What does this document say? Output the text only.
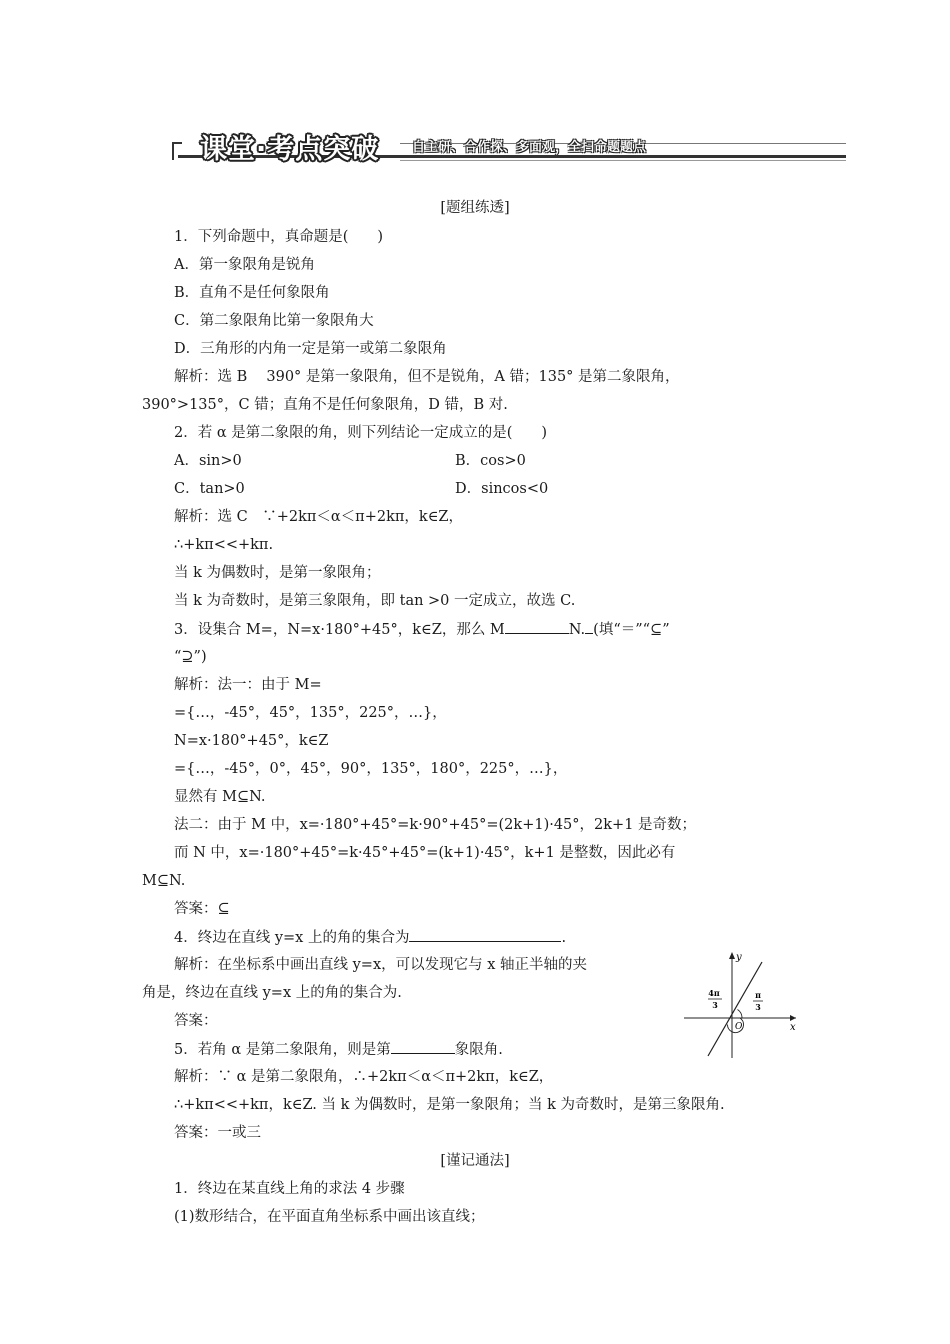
课堂·考点突破	自主研、合作探、多面观，全扫命题题点
[题组练透]
1．下列命题中，真命题是(　　)
A．第一象限角是锐角
B．直角不是任何象限角
C．第二象限角比第一象限角大
D．三角形的内角一定是第一或第二象限角
解析：选 B　 390° 是第一象限角，但不是锐角，A 错；135° 是第二象限角，
390°>135°，C 错；直角不是任何象限角，D 错，B 对.
2．若 α 是第二象限的角，则下列结论一定成立的是(　　)
A．sin>0	B．cos>0
C．tan>0	D．sincos<0
解析：选 C　∵+2kπ＜α＜π+2kπ，k∈Z，
∴+kπ<<+kπ.
当 k 为偶数时，是第一象限角；
当 k 为奇数时，是第三象限角，即 tan >0 一定成立，故选 C.
3．设集合 M=，N=x·180°+45°，k∈Z，那么 M	N. (填“＝”“⊆”
“⊇”)
解析：法一：由于 M=
={…，-45°，45°，135°，225°，…}，
N=x·180°+45°，k∈Z
={…，-45°，0°，45°，90°，135°，180°，225°，…}，
显然有 M⊆N.
法二：由于 M 中，x=·180°+45°=k·90°+45°=(2k+1)·45°，2k+1 是奇数；
而 N 中，x=·180°+45°=k·45°+45°=(k+1)·45°，k+1 是整数，因此必有
M⊆N.
答案：⊆
4．终边在直线 y=x 上的角的集合为	.
解析：在坐标系中画出直线 y=x，可以发现它与 x 轴正半轴的夹
角是，终边在直线 y=x 上的角的集合为.
答案：
5．若角 α 是第二象限角，则是第	象限角.
解析：∵ α 是第二象限角，∴+2kπ＜α＜π+2kπ，k∈Z，
∴+kπ<<+kπ，k∈Z. 当 k 为偶数时，是第一象限角；当 k 为奇数时，是第三象限角.
答案：一或三
[谨记通法]
1．终边在某直线上角的求法 4 步骤
(1)数形结合，在平面直角坐标系中画出该直线；
y
x
O
4π
3
π
3
